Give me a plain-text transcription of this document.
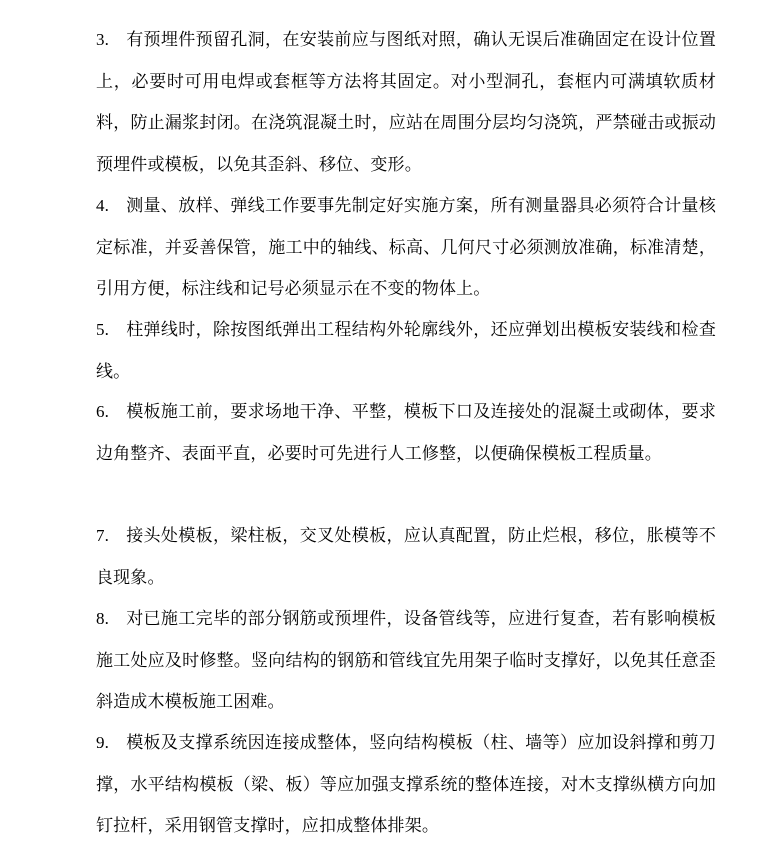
3. 有预埋件预留孔洞，在安装前应与图纸对照，确认无误后准确固定在设计位置上，必要时可用电焊或套框等方法将其固定。对小型洞孔，套框内可满填软质材料，防止漏浆封闭。在浇筑混凝土时，应站在周围分层均匀浇筑，严禁碰击或振动预埋件或模板，以免其歪斜、移位、变形。

4. 测量、放样、弹线工作要事先制定好实施方案，所有测量器具必须符合计量核定标准，并妥善保管，施工中的轴线、标高、几何尺寸必须测放准确，标准清楚，引用方便，标注线和记号必须显示在不变的物体上。

5. 柱弹线时，除按图纸弹出工程结构外轮廓线外，还应弹划出模板安装线和检查线。

6. 模板施工前，要求场地干净、平整，模板下口及连接处的混凝土或砌体，要求边角整齐、表面平直，必要时可先进行人工修整，以便确保模板工程质量。

7. 接头处模板，梁柱板，交叉处模板，应认真配置，防止烂根，移位，胀模等不良现象。

8. 对已施工完毕的部分钢筋或预埋件，设备管线等，应进行复查，若有影响模板施工处应及时修整。竖向结构的钢筋和管线宜先用架子临时支撑好，以免其任意歪斜造成木模板施工困难。

9. 模板及支撑系统因连接成整体，竖向结构模板（柱、墙等）应加设斜撑和剪刀撑，水平结构模板（梁、板）等应加强支撑系统的整体连接，对木支撑纵横方向加钉拉杆，采用钢管支撑时，应扣成整体排架。
